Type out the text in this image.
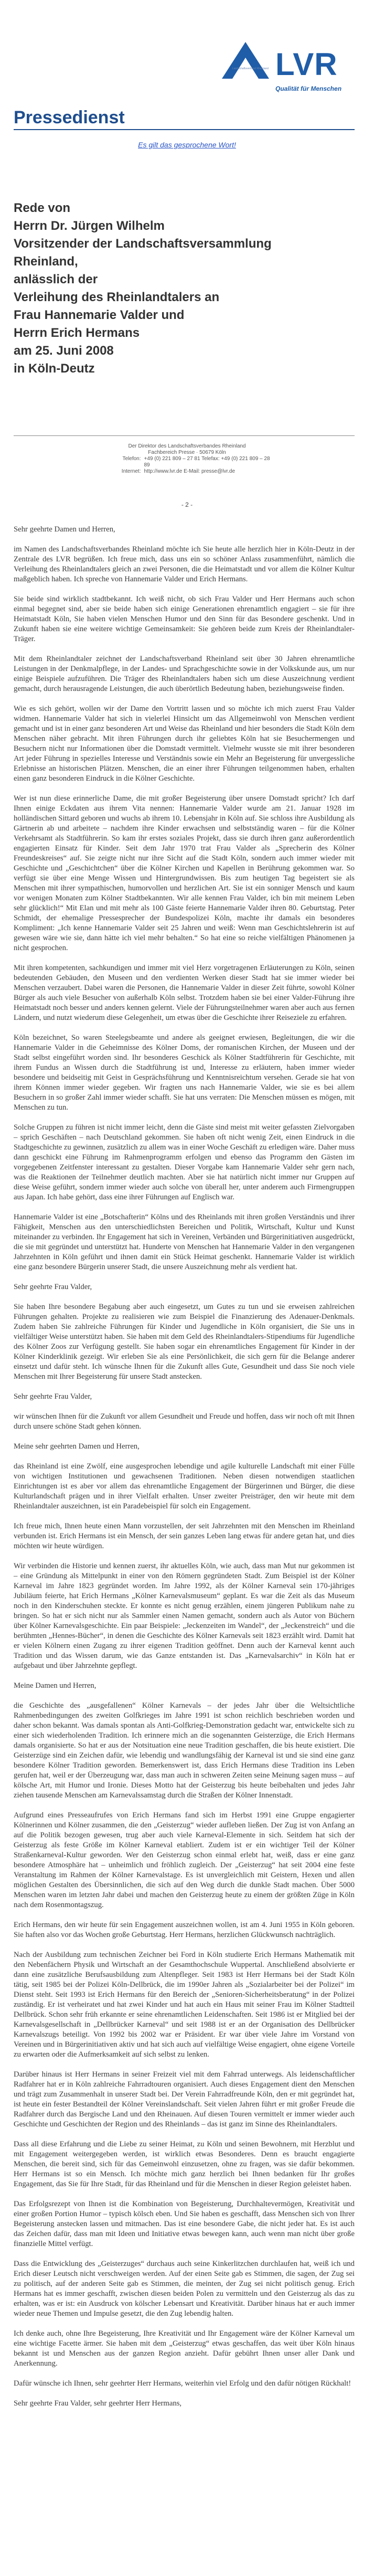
Landschaftsverband Rheinland LVR
Qualität für Menschen
Pressedienst
Es gilt das gesprochene Wort!
Rede von
Herrn Dr. Jürgen Wilhelm
Vorsitzender der Landschaftsversammlung Rheinland,
anlässlich der
Verleihung des Rheinlandtalers an
Frau Hannemarie Valder und
Herrn Erich Hermans
am 25. Juni 2008
in Köln-Deutz
Der Direktor des Landschaftsverbandes Rheinland
Fachbereich Presse · 50679 Köln
Telefon: +49 (0) 221 809 – 27 81 Telefax: +49 (0) 221 809 – 28 89
Internet: http://www.lvr.de E-Mail: presse@lvr.de
- 2 -

Sehr geehrte Damen und Herren,

im Namen des Landschaftsverbandes Rheinland möchte ich Sie heute alle herzlich hier in Köln-Deutz in der Zentrale des LVR begrüßen. Ich freue mich, dass uns ein so schöner Anlass zusammenführt, nämlich die Verleihung des Rheinlandtalers gleich an zwei Personen, die die Heimatstadt und vor allem die Kölner Kultur maßgeblich haben. Ich spreche von Hannemarie Valder und Erich Hermans.

Sie beide sind wirklich stadtbekannt. Ich weiß nicht, ob sich Frau Valder und Herr Hermans auch schon einmal begegnet sind, aber sie beide haben sich einige Generationen ehrenamtlich engagiert – sie für ihre Heimatstadt Köln, Sie haben vielen Menschen Humor und den Sinn für das Besondere geschenkt. Und in Zukunft haben sie eine weitere wichtige Gemeinsamkeit: Sie gehören beide zum Kreis der Rheinlandtaler-Träger.

Mit dem Rheinlandtaler zeichnet der Landschaftsverband Rheinland seit über 30 Jahren ehrenamtliche Leistungen in der Denkmalpflege, in der Landes- und Sprachgeschichte sowie in der Volkskunde aus, um nur einige Beispiele aufzuführen. Die Träger des Rheinlandtalers haben sich um diese Auszeichnung verdient gemacht, durch herausragende Leistungen, die auch überörtlich Bedeutung haben, beziehungsweise finden.

Wie es sich gehört, wollen wir der Dame den Vortritt lassen und so möchte ich mich zuerst Frau Valder widmen. Hannemarie Valder hat sich in vielerlei Hinsicht um das Allgemeinwohl von Menschen verdient gemacht und ist in einer ganz besonderen Art und Weise das Rheinland und hier besonders die Stadt Köln dem Menschen näher gebracht. Mit ihren Führungen durch ihr geliebtes Köln hat sie Besuchermengen und Besuchern nicht nur Informationen über die Domstadt vermittelt. Vielmehr wusste sie mit ihrer besonderen Art jeder Führung in spezielles Interesse und Verständnis sowie ein Mehr an Begeisterung für unvergessliche Erlebnisse an historischen Plätzen. Menschen, die an einer ihrer Führungen teilgenommen haben, erhalten einen ganz besonderen Eindruck in die Kölner Geschichte.

Wer ist nun diese erinnerliche Dame, die mit großer Begeisterung über unsere Domstadt spricht? Ich darf Ihnen einige Eckdaten aus ihrem Vita nennen: Hannemarie Valder wurde am 21. Januar 1928 im holländischen Sittard geboren und wuchs ab ihrem 10. Lebensjahr in Köln auf. Sie schloss ihre Ausbildung als Gärtnerin ab und arbeitete – nachdem ihre Kinder erwachsen und selbstständig waren – für die Kölner Verkehrsamt als Stadtführerin. So kam ihr erstes soziales Projekt, dass sie durch ihren ganz außerordentlich engagierten Einsatz für Kinder. Seit dem Jahr 1970 trat Frau Valder als „Sprecherin des Kölner Freundeskreises“ auf. Sie zeigte nicht nur ihre Sicht auf die Stadt Köln, sondern auch immer wieder mit Geschichte und „Geschichtchen“ über die Kölner Kirchen und Kapellen in Berührung gekommen war. So verfügt sie über eine Menge Wissen und Hintergrundwissen. Bis zum heutigen Tag begeistert sie als Menschen mit ihrer sympathischen, humorvollen und herzlichen Art. Sie ist ein sonniger Mensch und kaum vor wenigen Monaten zum Kölner Stadtbekannten. Wir alle kennen Frau Valder, ich bin mit meinem Leben sehr glücklich!“ Mit Elan und mit mehr als 100 Gäste feierte Hannemarie Valder ihren 80. Geburtstag. Peter Schmidt, der ehemalige Pressesprecher der Bundespolizei Köln, machte ihr damals ein besonderes Kompliment: „Ich kenne Hannemarie Valder seit 25 Jahren und weiß: Wenn man Geschichtslehrerin ist auf gewesen wäre wie sie, dann hätte ich viel mehr behalten.“ So hat eine so reiche vielfältigen Phänomenen ja nicht gesprochen.

Mit ihren kompetenten, sachkundigen und immer mit viel Herz vorgetragenen Erläuterungen zu Köln, seinen bedeutenden Gebäuden, den Museen und den verdienten Werken dieser Stadt hat sie immer wieder bei Menschen verzaubert. Dabei waren die Personen, die Hannemarie Valder in dieser Zeit führte, sowohl Kölner Bürger als auch viele Besucher von außerhalb Köln selbst. Trotzdem haben sie bei einer Valder-Führung ihre Heimatstadt noch besser und anders kennen gelernt. Viele der Führungsteilnehmer waren aber auch aus fernen Ländern, und nutzt wiederum diese Gelegenheit, um etwas über die Geschichte ihrer Reiseziele zu erfahren.

Köln bezeichnet, So waren Steelegsbeamte und andere als geeignet erwiesen, Begleitungen, die wir die Hannemarie Valder in die Geheimnisse des Kölner Doms, der romanischen Kirchen, der Museen und der Stadt selbst eingeführt worden sind. Ihr besonderes Geschick als Kölner Stadtführerin für Geschichte, mit ihrem Fundus an Wissen durch die Stadtführung ist und, Interesse zu erläutern, haben immer wieder besondere und beidseitig mit Geist in Gesprächsführung und Kenntnisreichtum versehen. Gerade sie hat von ihrem Können immer wieder gegeben. Wir fragten uns nach Hannemarie Valder, wie sie es bei allem Besuchern in so großer Zahl immer wieder schafft. Sie hat uns verraten: Die Menschen müssen es mögen, mit Menschen zu tun.

Solche Gruppen zu führen ist nicht immer leicht, denn die Gäste sind meist mit weiter gefassten Zielvorgaben – sprich Geschäften – nach Deutschland gekommen. Sie haben oft nicht wenig Zeit, einen Eindruck in die Stadtgeschichte zu gewinnen, zusätzlich zu allem was in einer Woche Geschäft zu erledigen wäre. Daher muss dann geschickt eine Führung im Rahmenprogramm erfolgen und ebenso das Programm den Gästen im vorgegebenen Zeitfenster interessant zu gestalten. Dieser Vorgabe kam Hannemarie Valder sehr gern nach, was die Reaktionen der Teilnehmer deutlich machten. Aber sie hat natürlich nicht immer nur Gruppen auf diese Weise geführt, sondern immer wieder auch solche von überall her, unter anderem auch Firmengruppen aus Japan. Ich habe gehört, dass eine ihrer Führungen auf Englisch war.

Hannemarie Valder ist eine „Botschafterin“ Kölns und des Rheinlands mit ihren großen Verständnis und ihrer Fähigkeit, Menschen aus den unterschiedlichsten Bereichen und Politik, Wirtschaft, Kultur und Kunst miteinander zu verbinden. Ihr Engagement hat sich in Vereinen, Verbänden und Bürgerinitiativen ausgedrückt, die sie mit gegründet und unterstützt hat. Hunderte von Menschen hat Hannemarie Valder in den vergangenen Jahrzehnten in Köln geführt und ihnen damit ein Stück Heimat geschenkt. Hannemarie Valder ist wirklich eine ganz besondere Bürgerin unserer Stadt, die unsere Auszeichnung mehr als verdient hat.

Sehr geehrte Frau Valder,

Sie haben Ihre besondere Begabung aber auch eingesetzt, um Gutes zu tun und sie erweisen zahlreichen Führungen gehalten. Projekte zu realisieren wie zum Beispiel die Finanzierung des Adenauer-Denkmals. Zudem haben Sie zahlreiche Führungen für Kinder und Jugendliche in Köln organisiert, die Sie uns in vielfältiger Weise unterstützt haben. Sie haben mit dem Geld des Rheinlandtalers-Stipendiums für Jugendliche des Kölner Zoos zur Verfügung gestellt. Sie haben sogar ein ehrenamtliches Engagement für Kinder in der Kölner Kinderklinik gezeigt. Wir erleben Sie als eine Persönlichkeit, die sich gern für die Belange anderer einsetzt und dafür steht. Ich wünsche Ihnen für die Zukunft alles Gute, Gesundheit und dass Sie noch viele Menschen mit Ihrer Begeisterung für unsere Stadt anstecken.

Sehr geehrte Frau Valder,

wir wünschen Ihnen für die Zukunft vor allem Gesundheit und Freude und hoffen, dass wir noch oft mit Ihnen durch unsere schöne Stadt gehen können.

Meine sehr geehrten Damen und Herren,

das Rheinland ist eine Zwölf, eine ausgesprochen lebendige und agile kulturelle Landschaft mit einer Fülle von wichtigen Institutionen und gewachsenen Traditionen. Neben diesen notwendigen staatlichen Einrichtungen ist es aber vor allem das ehrenamtliche Engagement der Bürgerinnen und Bürger, die diese Kulturlandschaft prägen und in ihrer Vielfalt erhalten. Unser zweiter Preisträger, den wir heute mit dem Rheinlandtaler auszeichnen, ist ein Paradebeispiel für solch ein Engagement.

Ich freue mich, Ihnen heute einen Mann vorzustellen, der seit Jahrzehnten mit den Menschen im Rheinland verbunden ist. Erich Hermans ist ein Mensch, der sein ganzes Leben lang etwas für andere getan hat, und dies möchten wir heute würdigen.

Wir verbinden die Historie und kennen zuerst, ihr aktuelles Köln, wie auch, dass man Mut nur gekommen ist – eine Gründung als Mittelpunkt in einer von den Römern gegründeten Stadt. Zum Beispiel ist der Kölner Karneval im Jahre 1823 gegründet worden. Im Jahre 1992, als der Kölner Karneval sein 170-jähriges Jubiläum feierte, hat Erich Hermans „Kölner Karnevalsmuseum“ geplant. Es war die Zeit als das Museum noch in den Kinderschuhen steckte. Er konnte es nicht genug erzählen, einem jüngeren Publikum nahe zu bringen. So hat er sich nicht nur als Sammler einen Namen gemacht, sondern auch als Autor von Büchern über Kölner Karnevalsgeschichte. Ein paar Beispiele: „Jeckenzeiten im Wandel“, der „Jeckenstreich“ und die berühmten „Hennes-Bücher“, in denen die Geschichte des Kölner Karnevals seit 1823 erzählt wird. Damit hat er vielen Kölnern einen Zugang zu ihrer eigenen Tradition geöffnet. Denn auch der Karneval kennt auch Tradition und das Wissen darum, wie das Ganze entstanden ist. Das „Karnevalsarchiv“ in Köln hat er aufgebaut und über Jahrzehnte gepflegt.

Meine Damen und Herren,

die Geschichte des „ausgefallenen“ Kölner Karnevals – der jedes Jahr über die Weltsichtliche Rahmenbedingungen des zweiten Golfkrieges im Jahre 1991 ist schon reichlich beschrieben worden und daher schon bekannt. Was damals spontan als Anti-Golfkrieg-Demonstration gedacht war, entwickelte sich zu einer sich wiederholenden Tradition. Ich erinnere mich an die sogenannten Geisterzüge, die Erich Hermans damals organisierte. So hat er aus der Notsituation eine neue Tradition geschaffen, die bis heute existiert. Die Geisterzüge sind ein Zeichen dafür, wie lebendig und wandlungsfähig der Karneval ist und sie sind eine ganz besondere Kölner Tradition geworden. Bemerkenswert ist, dass Erich Hermans diese Tradition ins Leben gerufen hat, weil er der Überzeugung war, dass man auch in schweren Zeiten seine Meinung sagen muss – auf kölsche Art, mit Humor und Ironie. Dieses Motto hat der Geisterzug bis heute beibehalten und jedes Jahr ziehen tausende Menschen am Karnevalssamstag durch die Straßen der Kölner Innenstadt.

Aufgrund eines Presseaufrufes von Erich Hermans fand sich im Herbst 1991 eine Gruppe engagierter Kölnerinnen und Kölner zusammen, die den „Geisterzug“ wieder aufleben ließen. Der Zug ist von Anfang an auf die Politik bezogen gewesen, trug aber auch viele Karneval-Elemente in sich. Seitdem hat sich der Geisterzug als feste Größe im Kölner Karneval etabliert. Zudem ist er ein wichtiger Teil der Kölner Straßenkarneval-Kultur geworden. Wer den Geisterzug schon einmal erlebt hat, weiß, dass er eine ganz besondere Atmosphäre hat – unheimlich und fröhlich zugleich. Der „Geisterzug“ hat seit 2004 eine feste Veranstaltung im Rahmen der Kölner Karnevalstage. Es ist unvergleichlich mit Geistern, Hexen und allen möglichen Gestalten des Übersinnlichen, die sich auf den Weg durch die dunkle Stadt machen. Über 5000 Menschen waren im letzten Jahr dabei und machen den Geisterzug heute zu einem der größten Züge in Köln nach dem Rosenmontagszug.

Erich Hermans, den wir heute für sein Engagement auszeichnen wollen, ist am 4. Juni 1955 in Köln geboren. Sie haften also vor das Wochen große Geburtstag. Herr Hermans, herzlichen Glückwunsch nachträglich.

Nach der Ausbildung zum technischen Zeichner bei Ford in Köln studierte Erich Hermans Mathematik mit den Nebenfächern Physik und Wirtschaft an der Gesamthochschule Wuppertal. Anschließend absolvierte er dann eine zusätzliche Berufsausbildung zum Altenpfleger. Seit 1983 ist Herr Hermans bei der Stadt Köln tätig, seit 1985 bei der Polizei Köln-Dellbrück, die im 1990er Jahren als „Sozialarbeiter bei der Polizei“ im Dienst steht. Seit 1993 ist Erich Hermans für den Bereich der „Senioren-Sicherheitsberatung“ in der Polizei zuständig. Er ist verheiratet und hat zwei Kinder und hat auch ein Haus mit seiner Frau im Kölner Stadtteil Dellbrück. Schon sehr früh erkannte er seine ehrenamtlichen Leidenschaften. Seit 1986 ist er Mitglied bei der Karnevalsgesellschaft in „Dellbrücker Karneval“ und seit 1988 ist er an der Organisation des Dellbrücker Karnevalszugs beteiligt. Von 1992 bis 2002 war er Präsident. Er war über viele Jahre im Vorstand von Vereinen und in Bürgerinitiativen aktiv und hat sich auch auf vielfältige Weise engagiert, ohne eigene Vorteile zu erwarten oder die Aufmerksamkeit auf sich selbst zu lenken.

Darüber hinaus ist Herr Hermans in seiner Freizeit viel mit dem Fahrrad unterwegs. Als leidenschaftlicher Radfahrer hat er in Köln zahlreiche Fahrradtouren organisiert. Auch dieses Engagement dient den Menschen und trägt zum Zusammenhalt in unserer Stadt bei. Der Verein Fahrradfreunde Köln, den er mit gegründet hat, ist heute ein fester Bestandteil der Kölner Vereinslandschaft. Seit vielen Jahren führt er mit großer Freude die Radfahrer durch das Bergische Land und den Rheinauen. Auf diesen Touren vermittelt er immer wieder auch Geschichte und Geschichten der Region und des Rheinlands – das ist ganz im Sinne des Rheinlandtalers.

Dass all diese Erfahrung und die Liebe zu seiner Heimat, zu Köln und seinen Bewohnern, mit Herzblut und mit Engagement weitergegeben werden, ist wirklich etwas Besonderes. Denn es braucht engagierte Menschen, die bereit sind, sich für das Gemeinwohl einzusetzen, ohne zu fragen, was sie dafür bekommen. Herr Hermans ist so ein Mensch. Ich möchte mich ganz herzlich bei Ihnen bedanken für Ihr großes Engagement, das Sie für Ihre Stadt, für das Rheinland und für die Menschen in dieser Region geleistet haben.

Das Erfolgsrezept von Ihnen ist die Kombination von Begeisterung, Durchhaltevermögen, Kreativität und einer großen Portion Humor – typisch kölsch eben. Und Sie haben es geschafft, dass Menschen sich von Ihrer Begeisterung anstecken lassen und mitmachen. Das ist eine besondere Gabe, die nicht jeder hat. Es ist auch das Zeichen dafür, dass man mit Ideen und Initiative etwas bewegen kann, auch wenn man nicht über große finanzielle Mittel verfügt.

Dass die Entwicklung des „Geisterzuges“ durchaus auch seine Kinkerlitzchen durchlaufen hat, weiß ich und Erich dieser Leutsch nicht verschweigen werden. Auf der einen Seite gab es Stimmen, die sagen, der Zug sei zu politisch, auf der anderen Seite gab es Stimmen, die meinten, der Zug sei nicht politisch genug. Erich Hermans hat es immer geschafft, zwischen diesen beiden Polen zu vermitteln und den Geisterzug als das zu erhalten, was er ist: ein Ausdruck von kölscher Lebensart und Kreativität. Darüber hinaus hat er auch immer wieder neue Themen und Impulse gesetzt, die den Zug lebendig halten.

Ich denke auch, ohne Ihre Begeisterung, Ihre Kreativität und Ihr Engagement wäre der Kölner Karneval um eine wichtige Facette ärmer. Sie haben mit dem „Geisterzug“ etwas geschaffen, das weit über Köln hinaus bekannt ist und Menschen aus der ganzen Region anzieht. Dafür gebührt Ihnen unser aller Dank und Anerkennung.

Dafür wünsche ich Ihnen, sehr geehrter Herr Hermans, weiterhin viel Erfolg und den dafür nötigen Rückhalt!

Sehr geehrte Frau Valder, sehr geehrter Herr Hermans,
